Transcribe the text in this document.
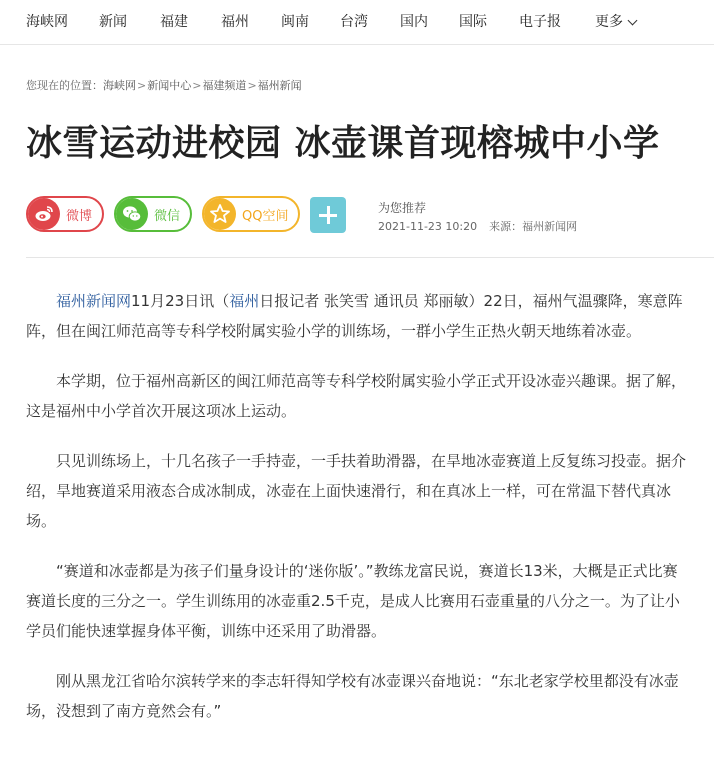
海峡网 新闻 福建 福州 闽南 台湾 国内 国际 电子报 更多
您现在的位置：海峡网>新闻中心>福建频道>福州新闻
冰雪运动进校园 冰壶课首现榕城中小学
微博	微信	QQ空间
为您推荐
2021-11-23 10:20 来源：福州新闻网

福州新闻网11月23日讯（福州日报记者 张笑雪 通讯员 郑丽敏）22日，福州气温骤降，寒意阵阵，但在闽江师范高等专科学校附属实验小学的训练场，一群小学生正热火朝天地练着冰壶。

本学期，位于福州高新区的闽江师范高等专科学校附属实验小学正式开设冰壶兴趣课。据了解，这是福州中小学首次开展这项冰上运动。

只见训练场上，十几名孩子一手持壶，一手扶着助滑器，在旱地冰壶赛道上反复练习投壶。据介绍，旱地赛道采用液态合成冰制成，冰壶在上面快速滑行，和在真冰上一样，可在常温下替代真冰场。

“赛道和冰壶都是为孩子们量身设计的‘迷你版’。”教练龙富民说，赛道长13米，大概是正式比赛赛道长度的三分之一。学生训练用的冰壶重2.5千克，是成人比赛用石壶重量的八分之一。为了让小学员们能快速掌握身体平衡，训练中还采用了助滑器。

刚从黑龙江省哈尔滨转学来的李志轩得知学校有冰壶课兴奋地说：“东北老家学校里都没有冰壶场，没想到了南方竟然会有。”
